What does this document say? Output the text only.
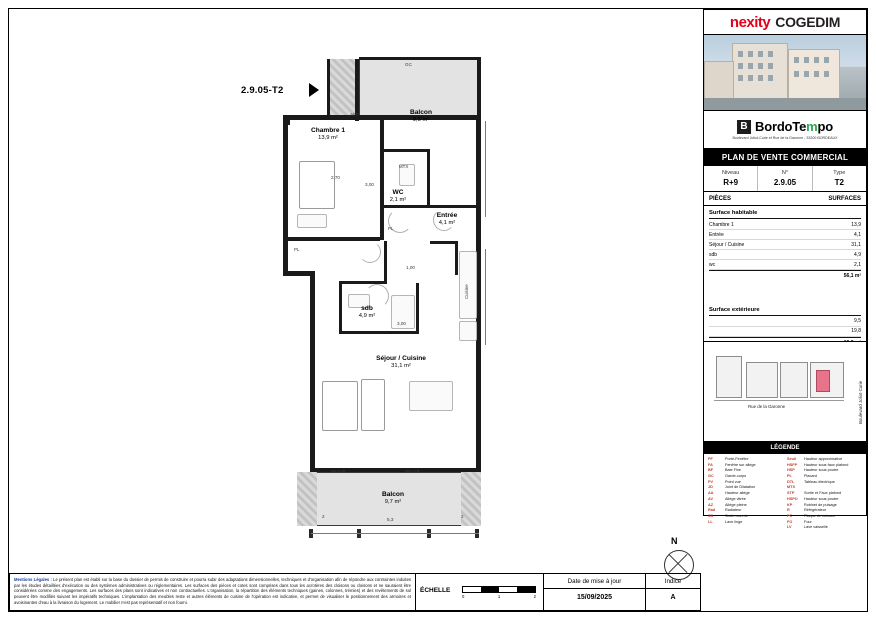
2.9.05-T2
Chambre 1
13,9 m²
Balcon
9,5 m²
WC
2,1 m²
Entrée
4,1 m²
sdb
4,9 m²
Séjour / Cuisine
31,1 m²
Balcon
9,7 m²
GC
APP
MTX
PL
PL
Cuisine
PF+VR	PF+VR
2,70
3,00
1,00
3,00
2
5,3
2
N
Mentions Légales : Le présent plan est établi sur la base du dossier de permis de construire et pourra subir des adaptations dimensionnelles, techniques et d'organisation afin de répondre aux contraintes induites par les études détaillées d'exécution ou des systèmes administratives ou réglementaires. Les surfaces des pièces et cotes sont comprises dans tous les acrotères des cloisons ou cloisons et ne sauraient être considérées comme des engagements. Les surfaces des plans sont indicatives et non contractuelles. L'organisation, la répartition des éléments techniques (gaines, colonnes, trémies) et des revêtements de sol peuvent être modifiés suivant les impératifs techniques. L'implantation des meubles reste et autres éléments de cuisine de l'opération est indicative, et permet de visualiser le positionnement des armoires et avoisinantes d'eau à la livraison du logement. Le mobilier n'est pas représentatif et non fourni.
ÉCHELLE
0	1	2
Date de mise à jour
15/09/2025
Indice
A
nexity COGEDIM
B BordoTempo
Boulevard Joliot-Curie et Rue de la Garonne - 33200 BORDEAUX
PLAN DE VENTE COMMERCIAL
Niveau
R+9
N°
2.9.05
Type
T2
PIÈCES	SURFACES
Surface habitable
Chambre 1	13,9
Entrée	4,1
Séjour / Cuisine	31,1
sdb	4,9
wc	2,1
56,1 m²
Surface extérieure
9,5
19,8
Rue de la Garonne	Boulevard Joliot-Curie
LÉGENDE
PF	Porte-Fenêtre
FA	Fenêtre sur allège
BF	Baie Fixe
GC	Garde-corps
PV	Point vue
JD	Joint de Dilatation
AA	Hauteur allège
AV	Allège vitrée
AZ	Allège pleine
Rad	Radiateur
SS	Socle ouverte
LL	Lave linge
Seuil	Hauteur approximative
HSFP	Hauteur sous faux plafond
HSP	Hauteur sous poutre
PL	Placard
DTL	Tableau électrique
MTX
STP	Sortie et Faux plafond
HSPO	Hauteur sous poutre
KP	Robinet de puisage
R	Réfrigérateur
PC	Plaque de cuisson
FO	Four
LV	Lave vaisselle
